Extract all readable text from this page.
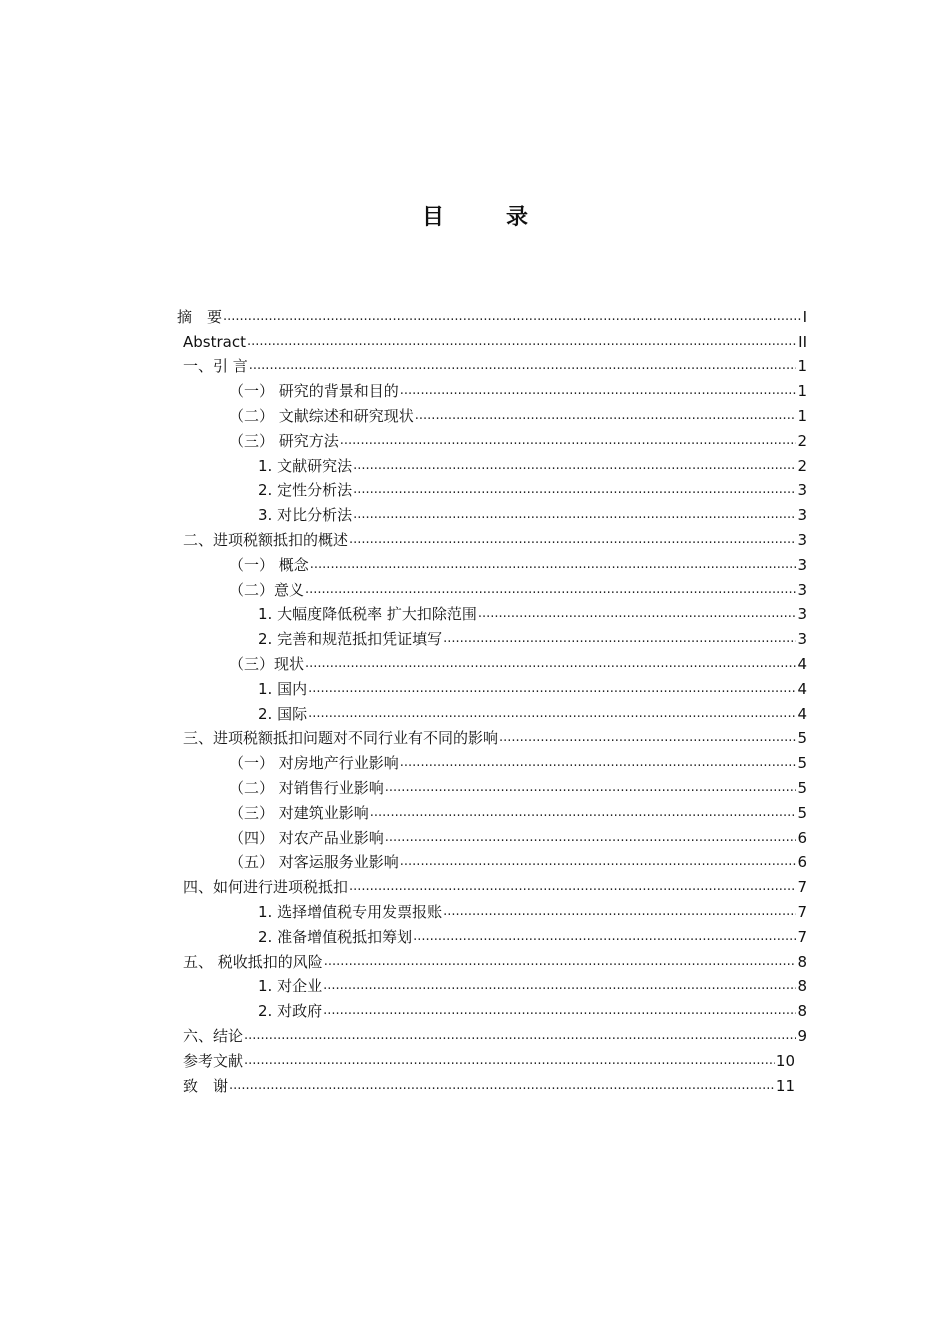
目　录
摘　要 .....	I
Abstract .....	II
一、引 言 .....	1
（一） 研究的背景和目的 .....	1
（二） 文献综述和研究现状 .....	1
（三） 研究方法 .....	2
1. 文献研究法 .....	2
2. 定性分析法 .....	3
3. 对比分析法 .....	3
二、进项税额抵扣的概述 .....	3
（一） 概念 .....	3
（二）意义 .....	3
1. 大幅度降低税率 扩大扣除范围 .....	3
2. 完善和规范抵扣凭证填写 .....	3
（三）现状 .....	4
1. 国内 .....	4
2. 国际 .....	4
三、进项税额抵扣问题对不同行业有不同的影响 .....	5
（一） 对房地产行业影响 .....	5
（二） 对销售行业影响 .....	5
（三） 对建筑业影响 .....	5
（四） 对农产品业影响 .....	6
（五） 对客运服务业影响 .....	6
四、如何进行进项税抵扣 .....	7
1. 选择增值税专用发票报账 .....	7
2. 准备增值税抵扣筹划 .....	7
五、 税收抵扣的风险 .....	8
1. 对企业 .....	8
2. 对政府 .....	8
六、结论 .....	9
参考文献 .....	10
致　谢 .....	11
